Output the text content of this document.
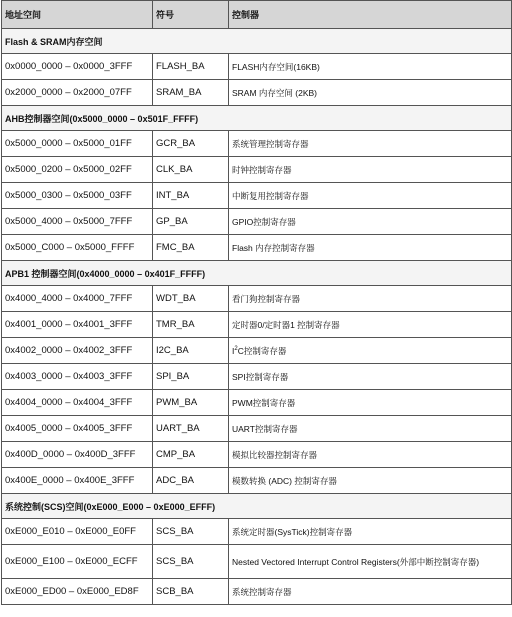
地址空间	符号	控制器
Flash & SRAM内存空间		
0x0000_0000 – 0x0000_3FFF	FLASH_BA	FLASH内存空间(16KB)
0x2000_0000 – 0x2000_07FF	SRAM_BA	SRAM 内存空间 (2KB)
AHB控制器空间(0x5000_0000 – 0x501F_FFFF)		
0x5000_0000 – 0x5000_01FF	GCR_BA	系统管理控制寄存器
0x5000_0200 – 0x5000_02FF	CLK_BA	时钟控制寄存器
0x5000_0300 – 0x5000_03FF	INT_BA	中断复用控制寄存器
0x5000_4000 – 0x5000_7FFF	GP_BA	GPIO控制寄存器
0x5000_C000 – 0x5000_FFFF	FMC_BA	Flash 内存控制寄存器
APB1 控制器空间(0x4000_0000 – 0x401F_FFFF)		
0x4000_4000 – 0x4000_7FFF	WDT_BA	看门狗控制寄存器
0x4001_0000 – 0x4001_3FFF	TMR_BA	定时器0/定时器1 控制寄存器
0x4002_0000 – 0x4002_3FFF	I2C_BA	$I^2C$控制寄存器
0x4003_0000 – 0x4003_3FFF	SPI_BA	SPI控制寄存器
0x4004_0000 – 0x4004_3FFF	PWM_BA	PWM控制寄存器
0x4005_0000 – 0x4005_3FFF	UART_BA	UART控制寄存器
0x400D_0000 – 0x400D_3FFF	CMP_BA	模拟比较器控制寄存器
0x400E_0000 – 0x400E_3FFF	ADC_BA	模数转换 (ADC) 控制寄存器
系统控制(SCS)空间(0xE000_E000 – 0xE000_EFFF)		
0xE000_E010 – 0xE000_E0FF	SCS_BA	系统定时器(SysTick)控制寄存器
0xE000_E100 – 0xE000_ECFF	SCS_BA	Nested Vectored Interrupt Control Registers(外部中断控制寄存器)
0xE000_ED00 – 0xE000_ED8F	SCB_BA	系统控制寄存器
